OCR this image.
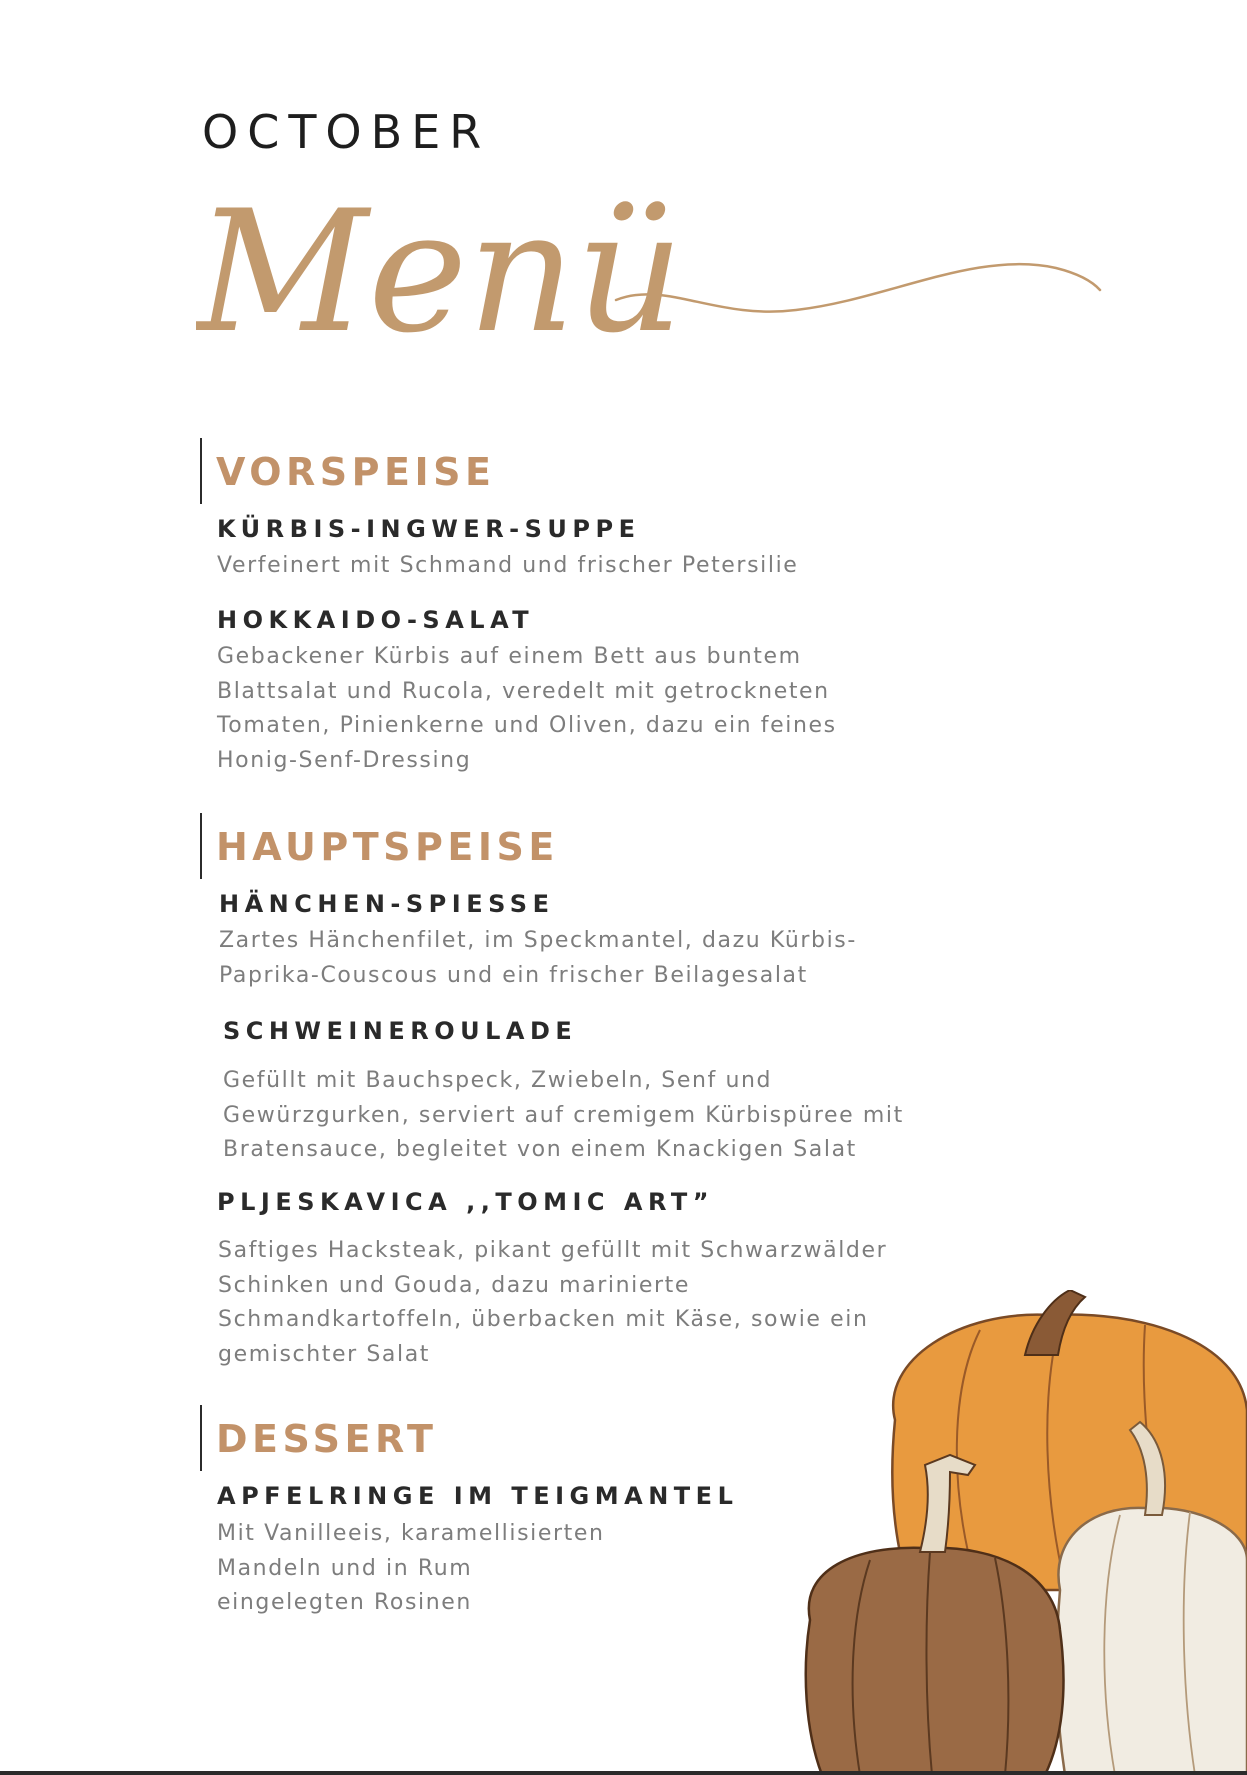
OCTOBER
Menü
VORSPEISE
KÜRBIS-INGWER-SUPPE
Verfeinert mit Schmand und frischer Petersilie
HOKKAIDO-SALAT
Gebackener Kürbis auf einem Bett aus buntem
Blattsalat und Rucola, veredelt mit getrockneten
Tomaten, Pinienkerne und Oliven, dazu ein feines
Honig-Senf-Dressing
HAUPTSPEISE
HÄNCHEN-SPIESSE
Zartes Hänchenfilet, im Speckmantel, dazu Kürbis-
Paprika-Couscous und ein frischer Beilagesalat
SCHWEINEROULADE
Gefüllt mit Bauchspeck, Zwiebeln, Senf und
Gewürzgurken, serviert auf cremigem Kürbispüree mit
Bratensauce, begleitet von einem Knackigen Salat
PLJESKAVICA ,,TOMIC ART”
Saftiges Hacksteak, pikant gefüllt mit Schwarzwälder
Schinken und Gouda, dazu marinierte
Schmandkartoffeln, überbacken mit Käse, sowie ein
gemischter Salat
DESSERT
APFELRINGE IM TEIGMANTEL
Mit Vanilleeis, karamellisierten
Mandeln und in Rum
eingelegten Rosinen
